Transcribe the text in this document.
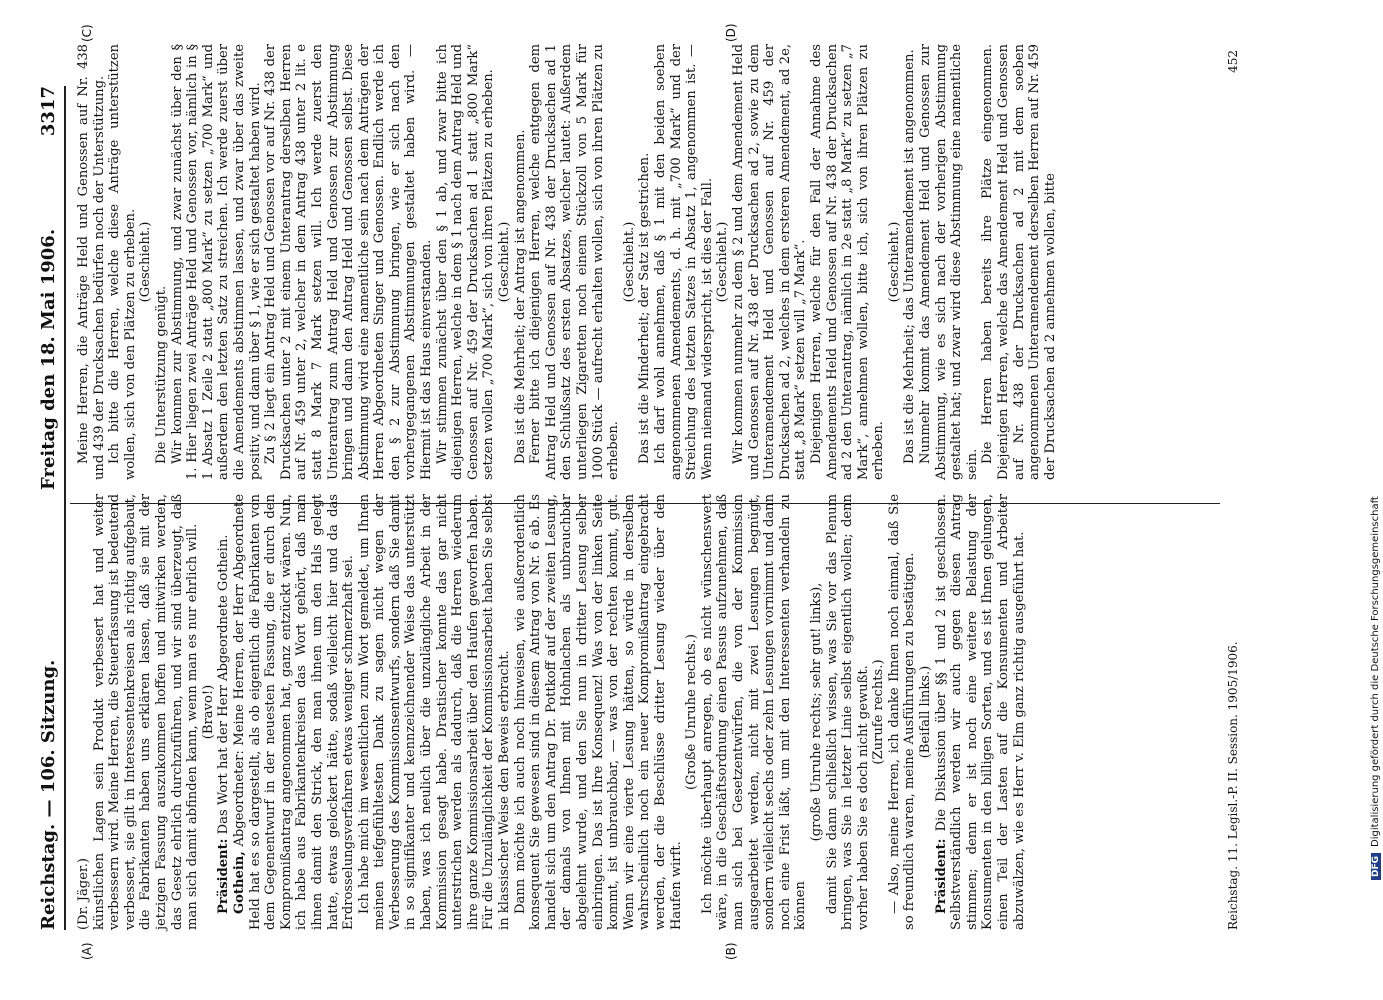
Reichstag. — 106. Sitzung.
Freitag den 18. Mai 1906.
3317
(A)	(B)
(C)	(D)

(Dr. Jäger.) künstlichen Lagen sein Produkt verbessert hat und weiter verbessern wird. Meine Herren, die Steuerfassung ist bedeutend verbessert, sie gilt in Interessentenkreisen als richtig aufgebaut, die Fabrikanten haben uns erklären lassen, daß sie mit der jetzigen Fassung auszukommen hoffen und mitwirken werden, das Gesetz ehrlich durchzuführen, und wir sind überzeugt, daß man sich damit abfinden kann, wenn man es nur ehrlich will. (Bravo!)

Präsident: Das Wort hat der Herr Abgeordnete Gothein.

Gothein, Abgeordneter: Meine Herren, der Herr Abgeordnete Held hat es so dargestellt, als ob eigentlich die Fabrikanten von dem Gegenentwurf in der neuesten Fassung, die er durch den Kompromißantrag angenommen hat, ganz entzückt wären. Nun, ich habe aus Fabrikantenkreisen das Wort gehört, daß man ihnen damit den Strick, den man ihnen um den Hals gelegt hatte, etwas gelockert hätte, sodaß vielleicht hier und da das Erdrosselungsverfahren etwas weniger schmerzhaft sei. Ich habe mich im wesentlichen zum Wort gemeldet, um Ihnen meinen tiefgefühltesten Dank zu sagen nicht wegen der Verbesserung des Kommissionsentwurfs, sondern daß Sie damit in so signifikanter und kennzeichnender Weise das unterstützt haben, was ich neulich über die unzulängliche Arbeit in der Kommission gesagt habe. Drastischer konnte das gar nicht unterstrichen werden als dadurch, daß die Herren wiederum ihre ganze Kommissionsarbeit über den Haufen geworfen haben. Für die Unzulänglichkeit der Kommissionsarbeit haben Sie selbst in klassischer Weise den Beweis erbracht. Dann möchte ich auch noch hinweisen, wie außerordentlich konsequent Sie gewesen sind in diesem Antrag von Nr. 6 ab. Es handelt sich um den Antrag Dr. Pottkoff auf der zweiten Lesung, der damals von Ihnen mit Hohnlachen als unbrauchbar abgelehnt wurde, und den Sie nun in dritter Lesung selber einbringen. Das ist Ihre Konsequenz! Was von der linken Seite kommt, ist unbrauchbar, — was von der rechten kommt, gut. Wenn wir eine vierte Lesung hätten, so würde in derselben wahrscheinlich noch ein neuer Kompromißantrag eingebracht werden, der die Beschlüsse dritter Lesung wieder über den Haufen wirft.

(Große Unruhe rechts.) Ich möchte überhaupt anregen, ob es nicht wünschenswert wäre, in die Geschäftsordnung einen Passus aufzunehmen, daß man sich bei Gesetzentwürfen, die von der Kommission ausgearbeitet werden, nicht mit zwei Lesungen begnügt, sondern vielleicht sechs oder zehn Lesungen vornimmt und dann noch eine Frist läßt, um mit den Interessenten verhandeln zu können

(große Unruhe rechts; sehr gut! links), damit Sie dann schließlich wissen, was Sie vor das Plenum bringen, was Sie in letzter Linie selbst eigentlich wollen; denn vorher haben Sie es doch nicht gewußt. (Zurufe rechts.) — Also, meine Herren, ich danke Ihnen noch einmal, daß Sie so freundlich waren, meine Ausführungen zu bestätigen. (Beifall links.)

Präsident: Die Diskussion über §§ 1 und 2 ist geschlossen. Selbstverständlich werden wir auch gegen diesen Antrag stimmen; denn er ist noch eine weitere Belastung der Konsumenten in den billigen Sorten, und es ist Ihnen gelungen, einen Teil der Lasten auf die Konsumenten und Arbeiter abzuwälzen, wie es Herr v. Elm ganz richtig ausgeführt hat.

Meine Herren, die Anträge Held und Genossen auf Nr. 438 und 439 der Drucksachen bedürfen noch der Unterstützung. Ich bitte die Herren, welche diese Anträge unterstützen wollen, sich von den Plätzen zu erheben. (Geschieht.)

Die Unterstützung genügt. Wir kommen zur Abstimmung, und zwar zunächst über den § 1. Hier liegen zwei Anträge Held und Genossen vor, nämlich in § 1 Absatz 1 Zeile 2 statt „800 Mark“ zu setzen „700 Mark“ und außerdem den letzten Satz zu streichen. Ich werde zuerst über die Amendements abstimmen lassen, und zwar über das zweite positiv, und dann über § 1, wie er sich gestaltet haben wird. Zu § 2 liegt ein Antrag Held und Genossen vor auf Nr. 438 der Drucksachen unter 2 mit einem Unterantrag derselben Herren auf Nr. 459 unter 2, welcher in dem Antrag 438 unter 2 lit. e statt 8 Mark 7 Mark setzen will. Ich werde zuerst den Unterantrag zum Antrag Held und Genossen zur Abstimmung bringen und dann den Antrag Held und Genossen selbst. Diese Abstimmung wird eine namentliche sein nach dem Anträgen der Herren Abgeordneten Singer und Genossen. Endlich werde ich den § 2 zur Abstimmung bringen, wie er sich nach den vorhergegangenen Abstimmungen gestaltet haben wird. — Hiermit ist das Haus einverstanden. Wir stimmen zunächst über den § 1 ab, und zwar bitte ich diejenigen Herren, welche in dem § 1 nach dem Antrag Held und Genossen auf Nr. 459 der Drucksachen ad 1 statt „800 Mark“ setzen wollen „700 Mark“, sich von ihren Plätzen zu erheben. (Geschieht.) Das ist die Mehrheit; der Antrag ist angenommen. Ferner bitte ich diejenigen Herren, welche entgegen dem Antrag Held und Genossen auf Nr. 438 der Drucksachen ad 1 den Schlußsatz des ersten Absatzes, welcher lautet: Außerdem unterliegen Zigaretten noch einem Stückzoll von 5 Mark für 1000 Stück — aufrecht erhalten wollen, sich von ihren Plätzen zu erheben.

(Geschieht.) Das ist die Minderheit; der Satz ist gestrichen. Ich darf wohl annehmen, daß § 1 mit den beiden soeben angenommenen Amendements, d. h. mit „700 Mark“ und der Streichung des letzten Satzes in Absatz 1, angenommen ist. — Wenn niemand widerspricht, ist dies der Fall. (Geschieht.) Wir kommen nunmehr zu dem § 2 und dem Amendement Held und Genossen auf Nr. 438 der Drucksachen ad 2, sowie zu dem Unteramendement Held und Genossen auf Nr. 459 der Drucksachen ad 2, welches in dem ersteren Amendement, ad 2e, statt „8 Mark“ setzen will „7 Mark“. Diejenigen Herren, welche für den Fall der Annahme des Amendements Held und Genossen auf Nr. 438 der Drucksachen ad 2 den Unterantrag, nämlich in 2e statt „8 Mark“ zu setzen „7 Mark“, annehmen wollen, bitte ich, sich von ihren Plätzen zu erheben.

(Geschieht.) Das ist die Mehrheit; das Unteramendement ist angenommen. Nunmehr kommt das Amendement Held und Genossen zur Abstimmung, wie es sich nach der vorherigen Abstimmung gestaltet hat; und zwar wird diese Abstimmung eine namentliche sein.

Die Herren haben bereits ihre Plätze eingenommen. Diejenigen Herren, welche das Amendement Held und Genossen auf Nr. 438 der Drucksachen ad 2 mit dem soeben angenommenen Unteramendement derselben Herren auf Nr. 459 der Drucksachen ad 2 annehmen wollen, bitte

Reichstag. 11. Legisl.-P. II. Session. 1905/1906.
452
DFGDigitalisierung gefördert durch die Deutsche Forschungsgemeinschaft
